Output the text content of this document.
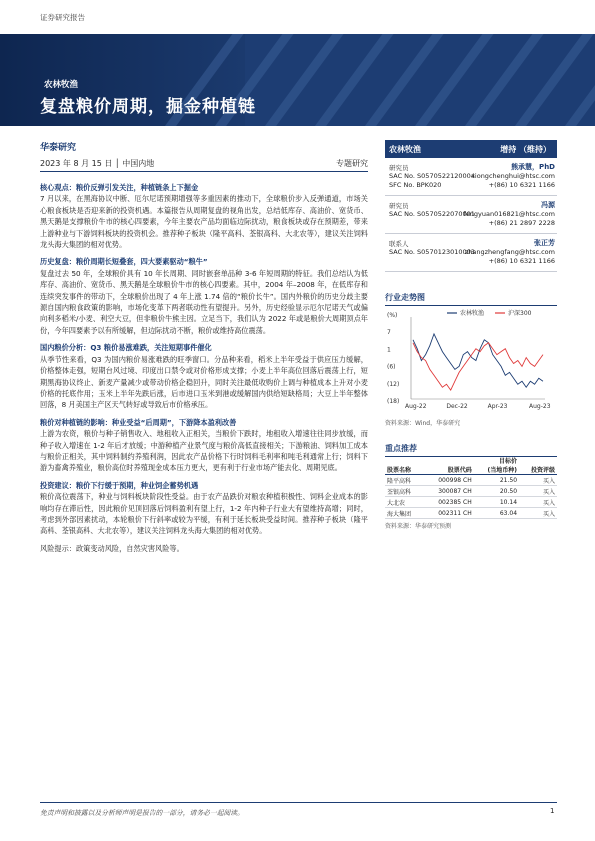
证券研究报告
农林牧渔
复盘粮价周期，掘金种植链
华泰研究
2023 年 8 月 15 日 │ 中国内地	专题研究
核心观点：粮价反弹引发关注，种植链条上下掘金
7 月以来，在黑海协议中断、厄尔尼诺预期增强等多重因素的推动下，全球粮价步入反弹通道，市场关心粮食板块是否迎来新的投资机遇。本篇报告从周期复盘的视角出发，总结低库存、高油价、宽货币、黑天鹅是支撑粮价牛市的核心四要素，今年主要农产品均面临边际扰动，粮食板块或存在预期差，带来上游种业与下游饲料板块的投资机会。推荐种子板块（隆平高科、荃银高科、大北农等），建议关注饲料龙头海大集团的相对优势。
历史复盘：粮价周期长短叠套，四大要素驱动“粮牛”
复盘过去 50 年，全球粮价具有 10 年长周期、同时嵌套单品种 3-6 年短周期的特征。我们总结认为低库存、高油价、宽货币、黑天鹅是全球粮价牛市的核心四要素。其中，2004 年–2008 年，在低库存和连续突发事件的带动下，全球粮价出现了 4 年上涨 1.74 倍的“粮价长牛”。国内外粮价的历史分歧主要源自国内粮食政策的影响，市场化变革下两者联动性有望提升。另外，历史经验显示厄尔尼诺天气或偏向利多稻米/小麦、利空大豆，但非粮价牛熊主因。立足当下，我们认为 2022 年或是粮价大周期顶点年份，今年四要素予以有所缓解，但边际扰动不断，粮价或维持高位震荡。
国内粮价分析：Q3 粮价易涨难跌，关注短期事件催化
从季节性来看，Q3 为国内粮价易涨难跌的旺季窗口。分品种来看，稻米上半年受益于供应压力缓解，价格整体走强，短期台风过境、印度出口禁令或对价格形成支撑；小麦上半年高位回落后震荡上行，短期黑海协议终止、新麦产量减少或带动价格企稳回升，同时关注最低收购价上调与种植成本上升对小麦价格的托底作用；玉米上半年先跌后涨，后市进口玉米到港或缓解国内供给短缺格局；大豆上半年整体回落，8 月美国主产区天气转好或导致后市价格承压。
粮价对种植链的影响：种业受益“后周期”，下游降本盈利改善
上游为农资，粮价与种子销售收入、地租收入正相关，当粮价下跌时，地租收入增速往往同步放缓，而种子收入增速在 1-2 年后才放缓；中游种植产业景气度与粮价高低直接相关；下游粮油、饲料加工成本与粮价正相关，其中饲料制约养殖利润，因此农产品价格下行时饲料毛利率和吨毛利通常上行；饲料下游为畜禽养殖业，粮价高位时养殖现金成本压力更大，更有利于行业市场产能去化、周期见底。
投资建议：粮价下行缓于预期，种业饲企蓄势机遇
粮价高位震荡下，种业与饲料板块阶段性受益。由于农产品跌价对粮农种植积极性、饲料企业成本的影响均存在滞后性，因此粮价见顶回落后饲料盈利有望上行，1-2 年内种子行业大有望维持高增；同时，考虑到外部因素扰动，本轮粮价下行斜率或较为平缓，有利于延长板块受益时间。推荐种子板块（隆平高科、荃银高科、大北农等），建议关注饲料龙头海大集团的相对优势。
风险提示：政策变动风险，自然灾害风险等。
农林牧渔	增持 （维持）
研究员	熊承慧，PhD
SAC No. S0570522120004
xiongchenghui@htsc.com
SFC No. BPK020	+(86) 10 6321 1166
研究员	冯源
SAC No. S0570522070001
fengyuan016821@htsc.com
+(86) 21 2897 2228
联系人	张正芳
SAC No. S0570123010003
zhangzhengfang@htsc.com
+(86) 10 6321 1166
行业走势图
(%)
7
1
(6)
(12)
(18)
Aug-22	Dec-22	Apr-23	Aug-23
农林牧渔	沪深300
资料来源：Wind，华泰研究
重点推荐
		目标价	
股票名称	股票代码	(当地币种)	投资评级
隆平高科	000998 CH	21.50	买入
荃银高科	300087 CH	20.50	买入
大北农	002385 CH	10.14	买入
海大集团	002311 CH	63.04	买入
资料来源：华泰研究预测
免责声明和披露以及分析师声明是报告的一部分，请务必一起阅读。	1
